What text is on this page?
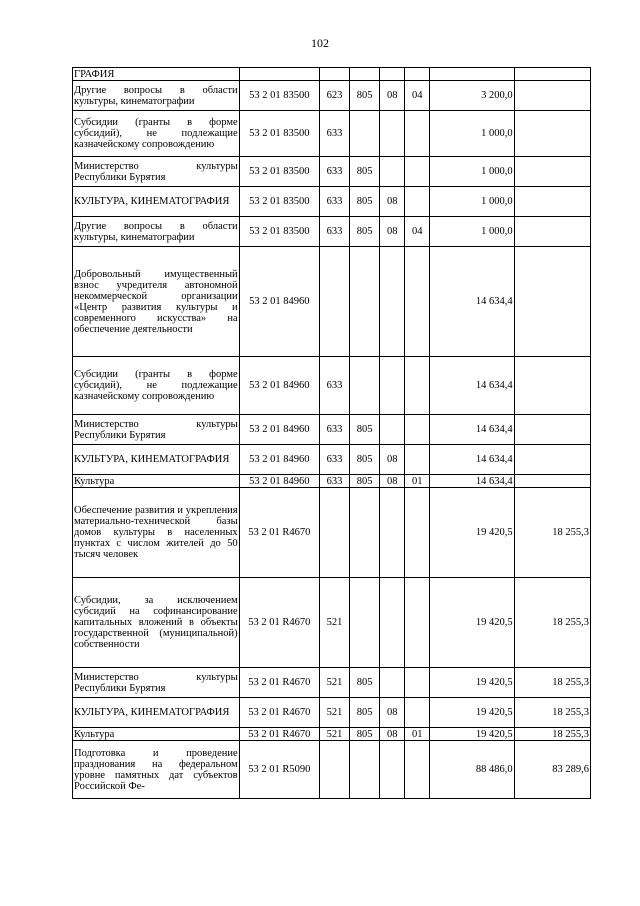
102
ГРАФИЯ							
Другие вопросы в области культуры, кинематографии	53 2 01 83500	623	805	08	04	3 200,0	
Субсидии (гранты в форме субсидий), не подлежащие казначейскому сопровождению	53 2 01 83500	633				1 000,0	
Министерство культуры Республики Бурятия	53 2 01 83500	633	805			1 000,0	
КУЛЬТУРА, КИНЕМАТОГРАФИЯ	53 2 01 83500	633	805	08		1 000,0	
Другие вопросы в области культуры, кинематографии	53 2 01 83500	633	805	08	04	1 000,0	
Добровольный имущественный взнос учредителя автономной некоммерческой организации «Центр развития культуры и современного искусства» на обеспечение деятельности	53 2 01 84960					14 634,4	
Субсидии (гранты в форме субсидий), не подлежащие казначейскому сопровождению	53 2 01 84960	633				14 634,4	
Министерство культуры Республики Бурятия	53 2 01 84960	633	805			14 634,4	
КУЛЬТУРА, КИНЕМАТОГРАФИЯ	53 2 01 84960	633	805	08		14 634,4	
Культура	53 2 01 84960	633	805	08	01	14 634,4	
Обеспечение развития и укрепления материально-технической базы домов культуры в населенных пунктах с числом жителей до 50 тысяч человек	53 2 01 R4670					19 420,5	18 255,3
Субсидии, за исключением субсидий на софинансирование капитальных вложений в объекты государственной (муниципальной) собственности	53 2 01 R4670	521				19 420,5	18 255,3
Министерство культуры Республики Бурятия	53 2 01 R4670	521	805			19 420,5	18 255,3
КУЛЬТУРА, КИНЕМАТОГРАФИЯ	53 2 01 R4670	521	805	08		19 420,5	18 255,3
Культура	53 2 01 R4670	521	805	08	01	19 420,5	18 255,3
Подготовка и проведение празднования на федеральном уровне памятных дат субъектов Российской Фе-	53 2 01 R5090					88 486,0	83 289,6
